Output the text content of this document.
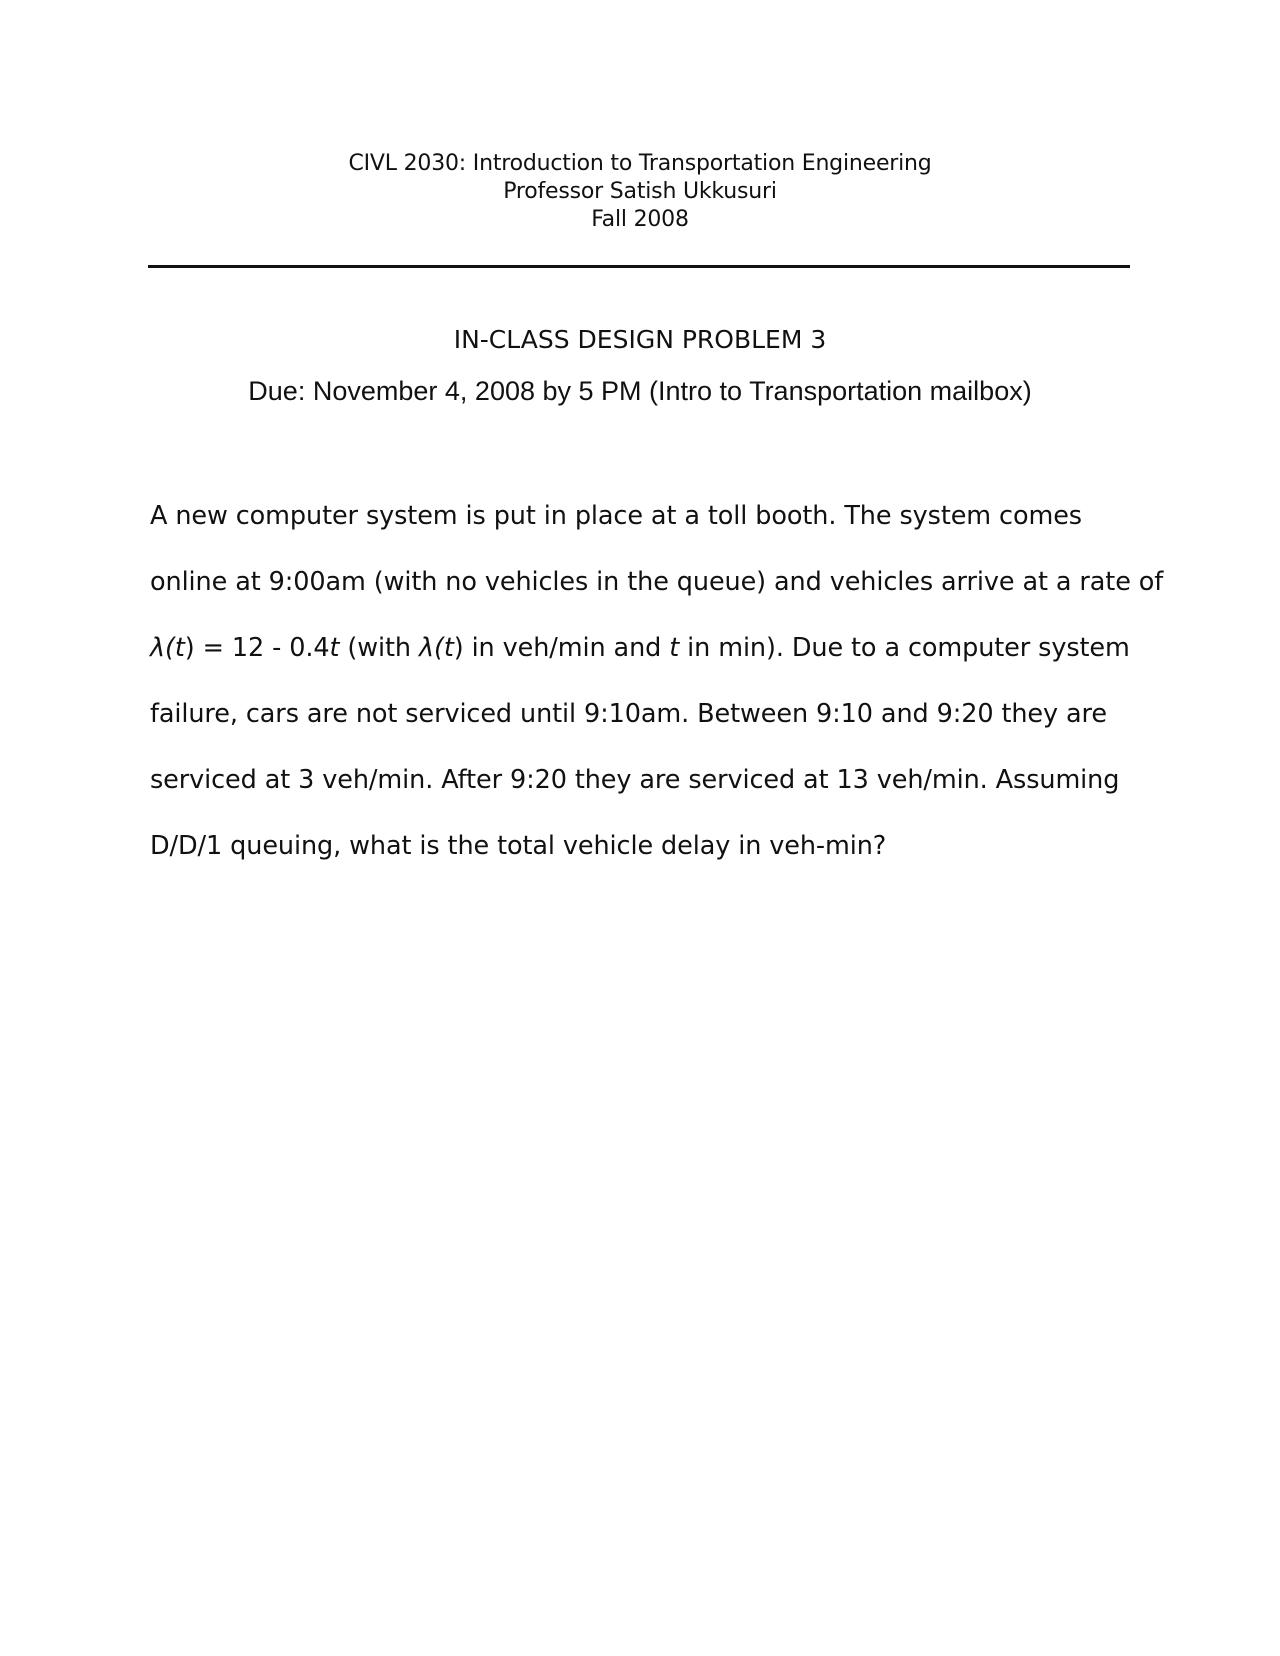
CIVL 2030: Introduction to Transportation Engineering
Professor Satish Ukkusuri
Fall 2008
IN-CLASS DESIGN PROBLEM 3
Due: November 4, 2008 by 5 PM (Intro to Transportation mailbox)
A new computer system is put in place at a toll booth. The system comes
online at 9:00am (with no vehicles in the queue) and vehicles arrive at a rate of
λ(t) = 12 - 0.4t (with λ(t) in veh/min and t in min). Due to a computer system
failure, cars are not serviced until 9:10am. Between 9:10 and 9:20 they are
serviced at 3 veh/min. After 9:20 they are serviced at 13 veh/min. Assuming
D/D/1 queuing, what is the total vehicle delay in veh-min?
